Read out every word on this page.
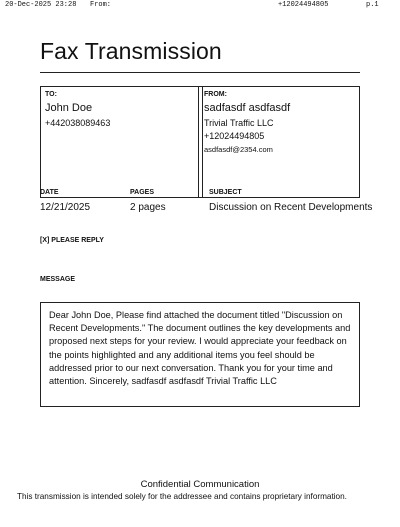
20-Dec-2025 23:28 From:	+12024494805	p.1
Fax Transmission
TO:
John Doe
+442038089463
FROM:
sadfasdf asdfasdf
Trivial Traffic LLC
+12024494805
asdfasdf@2354.com
DATE	PAGES	SUBJECT
12/21/2025	2 pages	Discussion on Recent Developments
[X] PLEASE REPLY
MESSAGE

Dear John Doe, Please find attached the document titled "Discussion on Recent Developments." The document outlines the key developments and proposed next steps for your review. I would appreciate your feedback on the points highlighted and any additional items you feel should be addressed prior to our next conversation. Thank you for your time and attention. Sincerely, sadfasdf asdfasdf Trivial Traffic LLC

Confidential Communication
This transmission is intended solely for the addressee and contains proprietary information.
